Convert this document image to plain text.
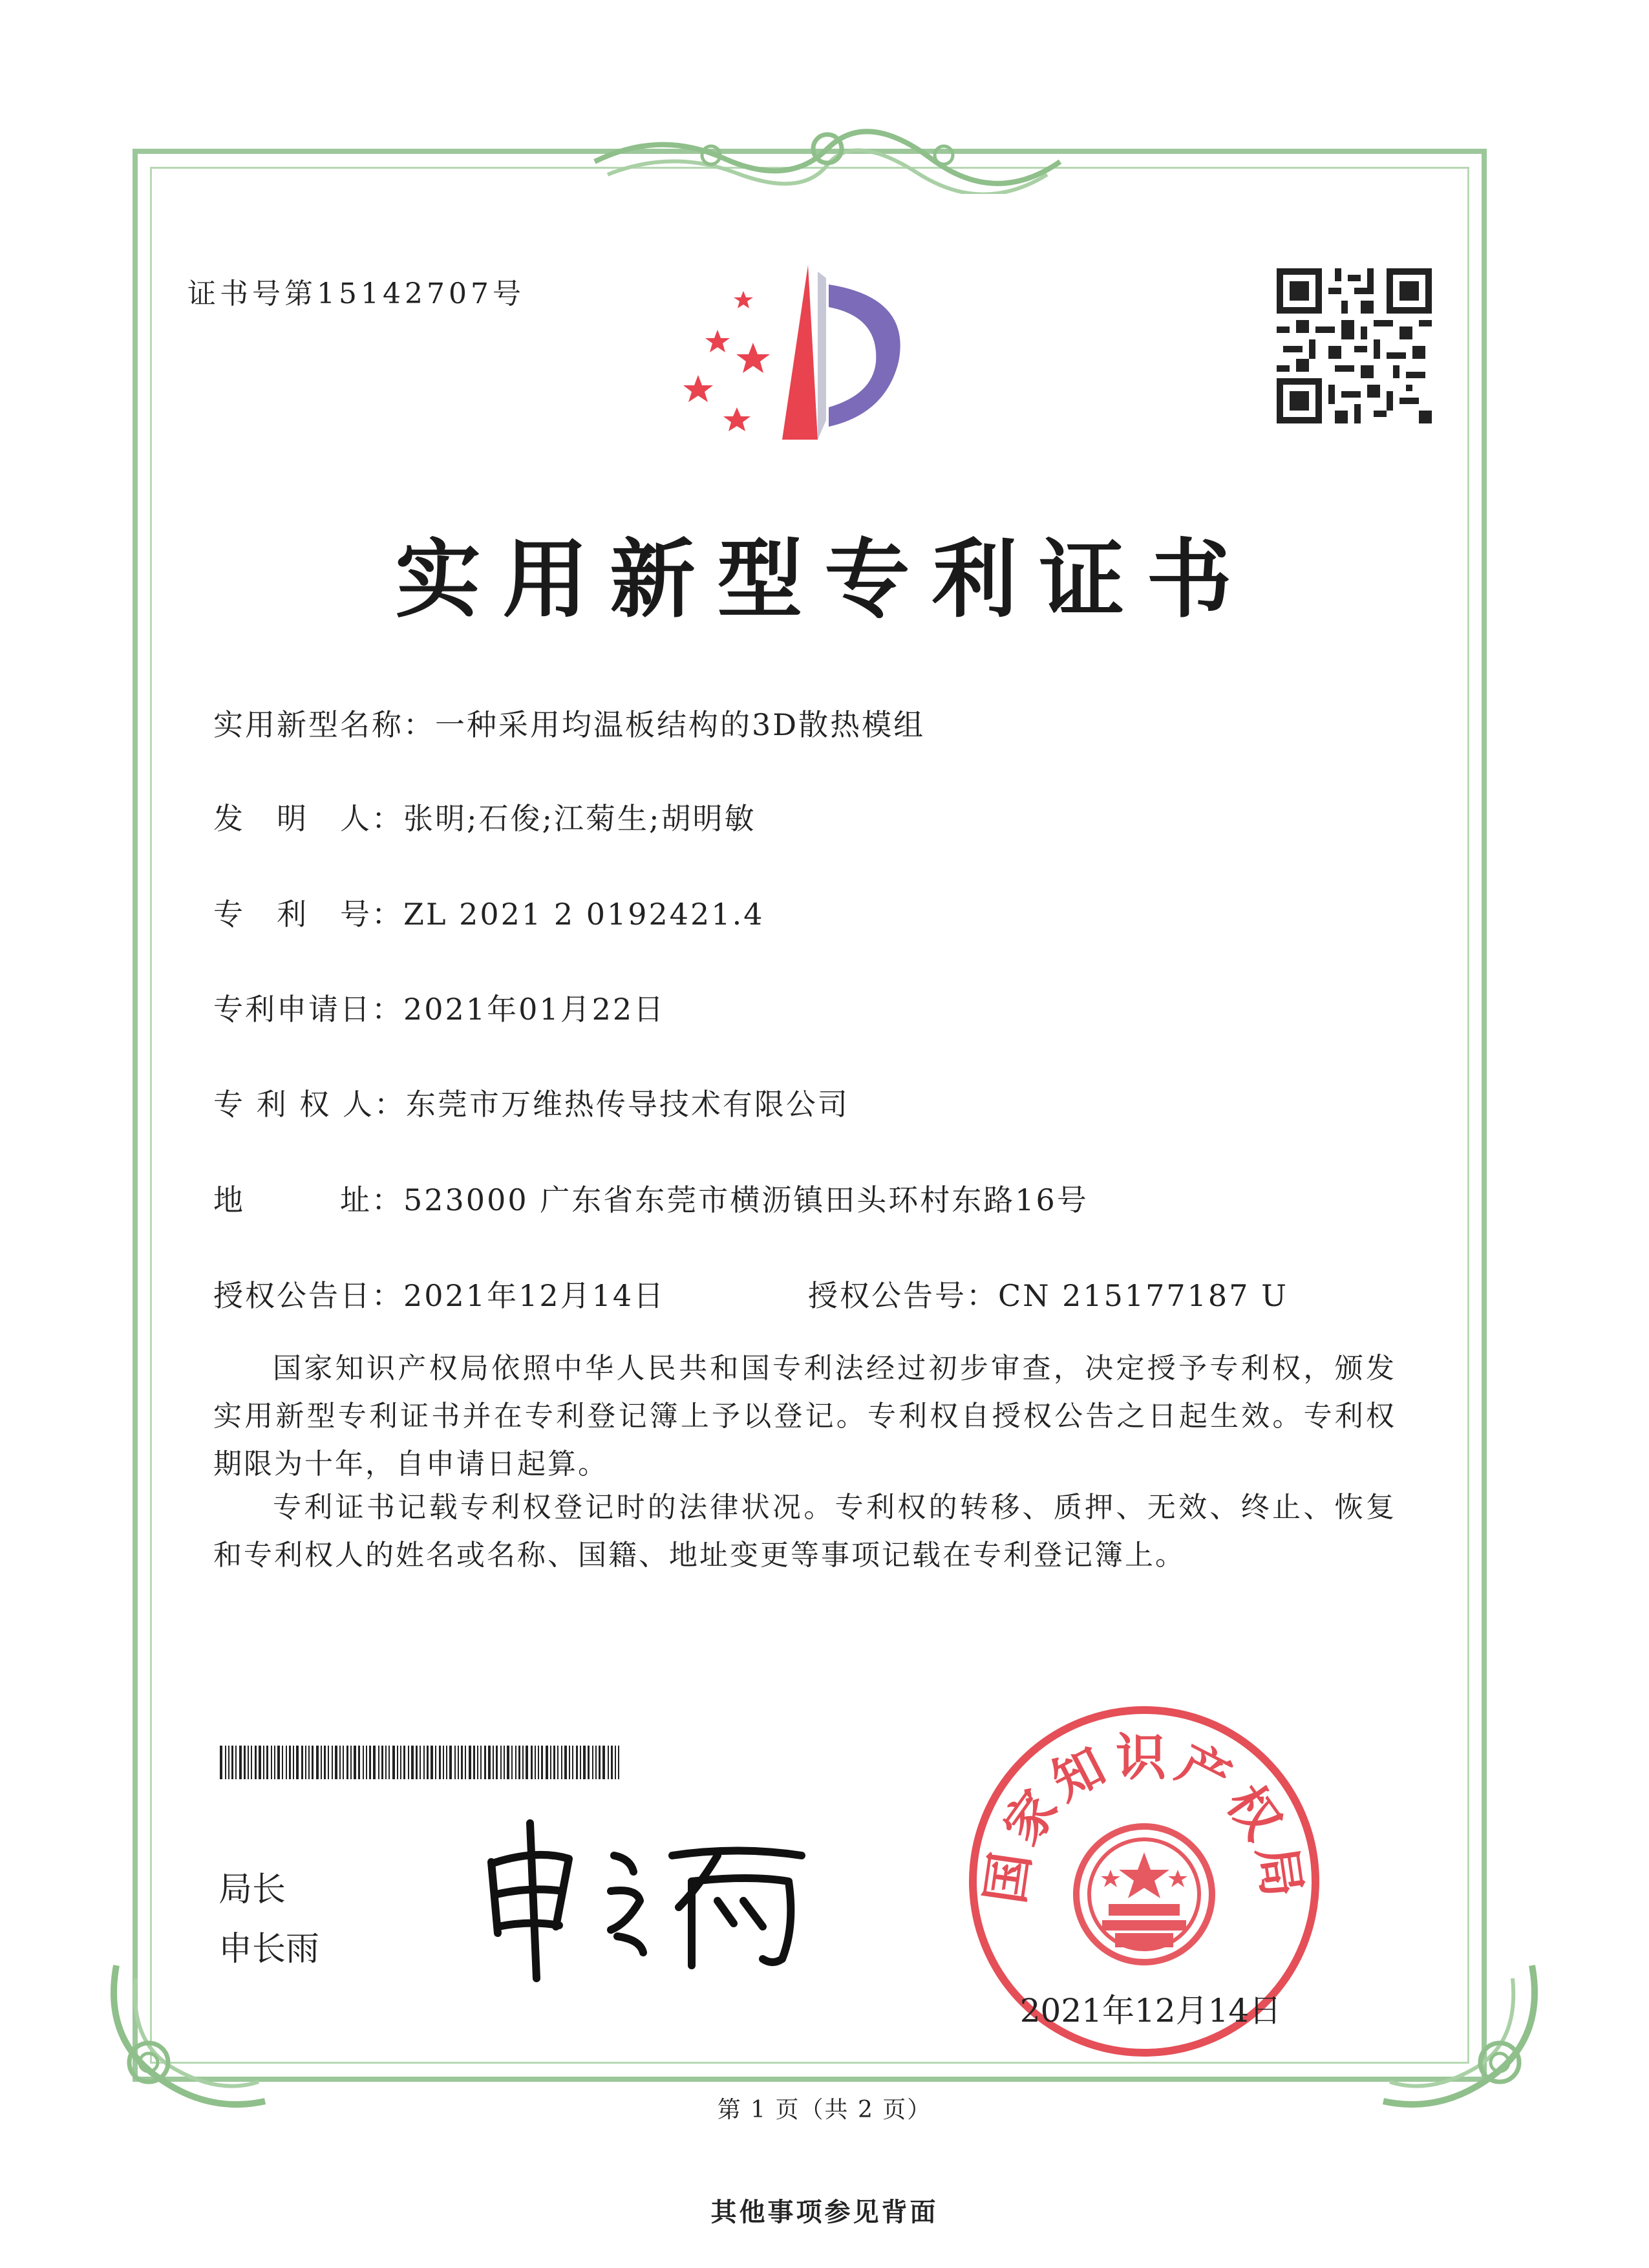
证书号第15142707号
实用新型专利证书
实用新型名称：一种采用均温板结构的3D散热模组
发　明　人：张明;石俊;江菊生;胡明敏
专　利　号：ZL 2021 2 0192421.4
专利申请日：2021年01月22日
专 利 权 人：东莞市万维热传导技术有限公司
地　　　址：523000 广东省东莞市横沥镇田头环村东路16号
授权公告日：2021年12月14日	授权公告号：CN 215177187 U
国家知识产权局依照中华人民共和国专利法经过初步审查，决定授予专利权，颁发实用新型专利证书并在专利登记簿上予以登记。专利权自授权公告之日起生效。专利权期限为十年，自申请日起算。
专利证书记载专利权登记时的法律状况。专利权的转移、质押、无效、终止、恢复和专利权人的姓名或名称、国籍、地址变更等事项记载在专利登记簿上。
局长
申长雨
国家知识产权局
2021年12月14日
第 1 页（共 2 页）
其他事项参见背面
